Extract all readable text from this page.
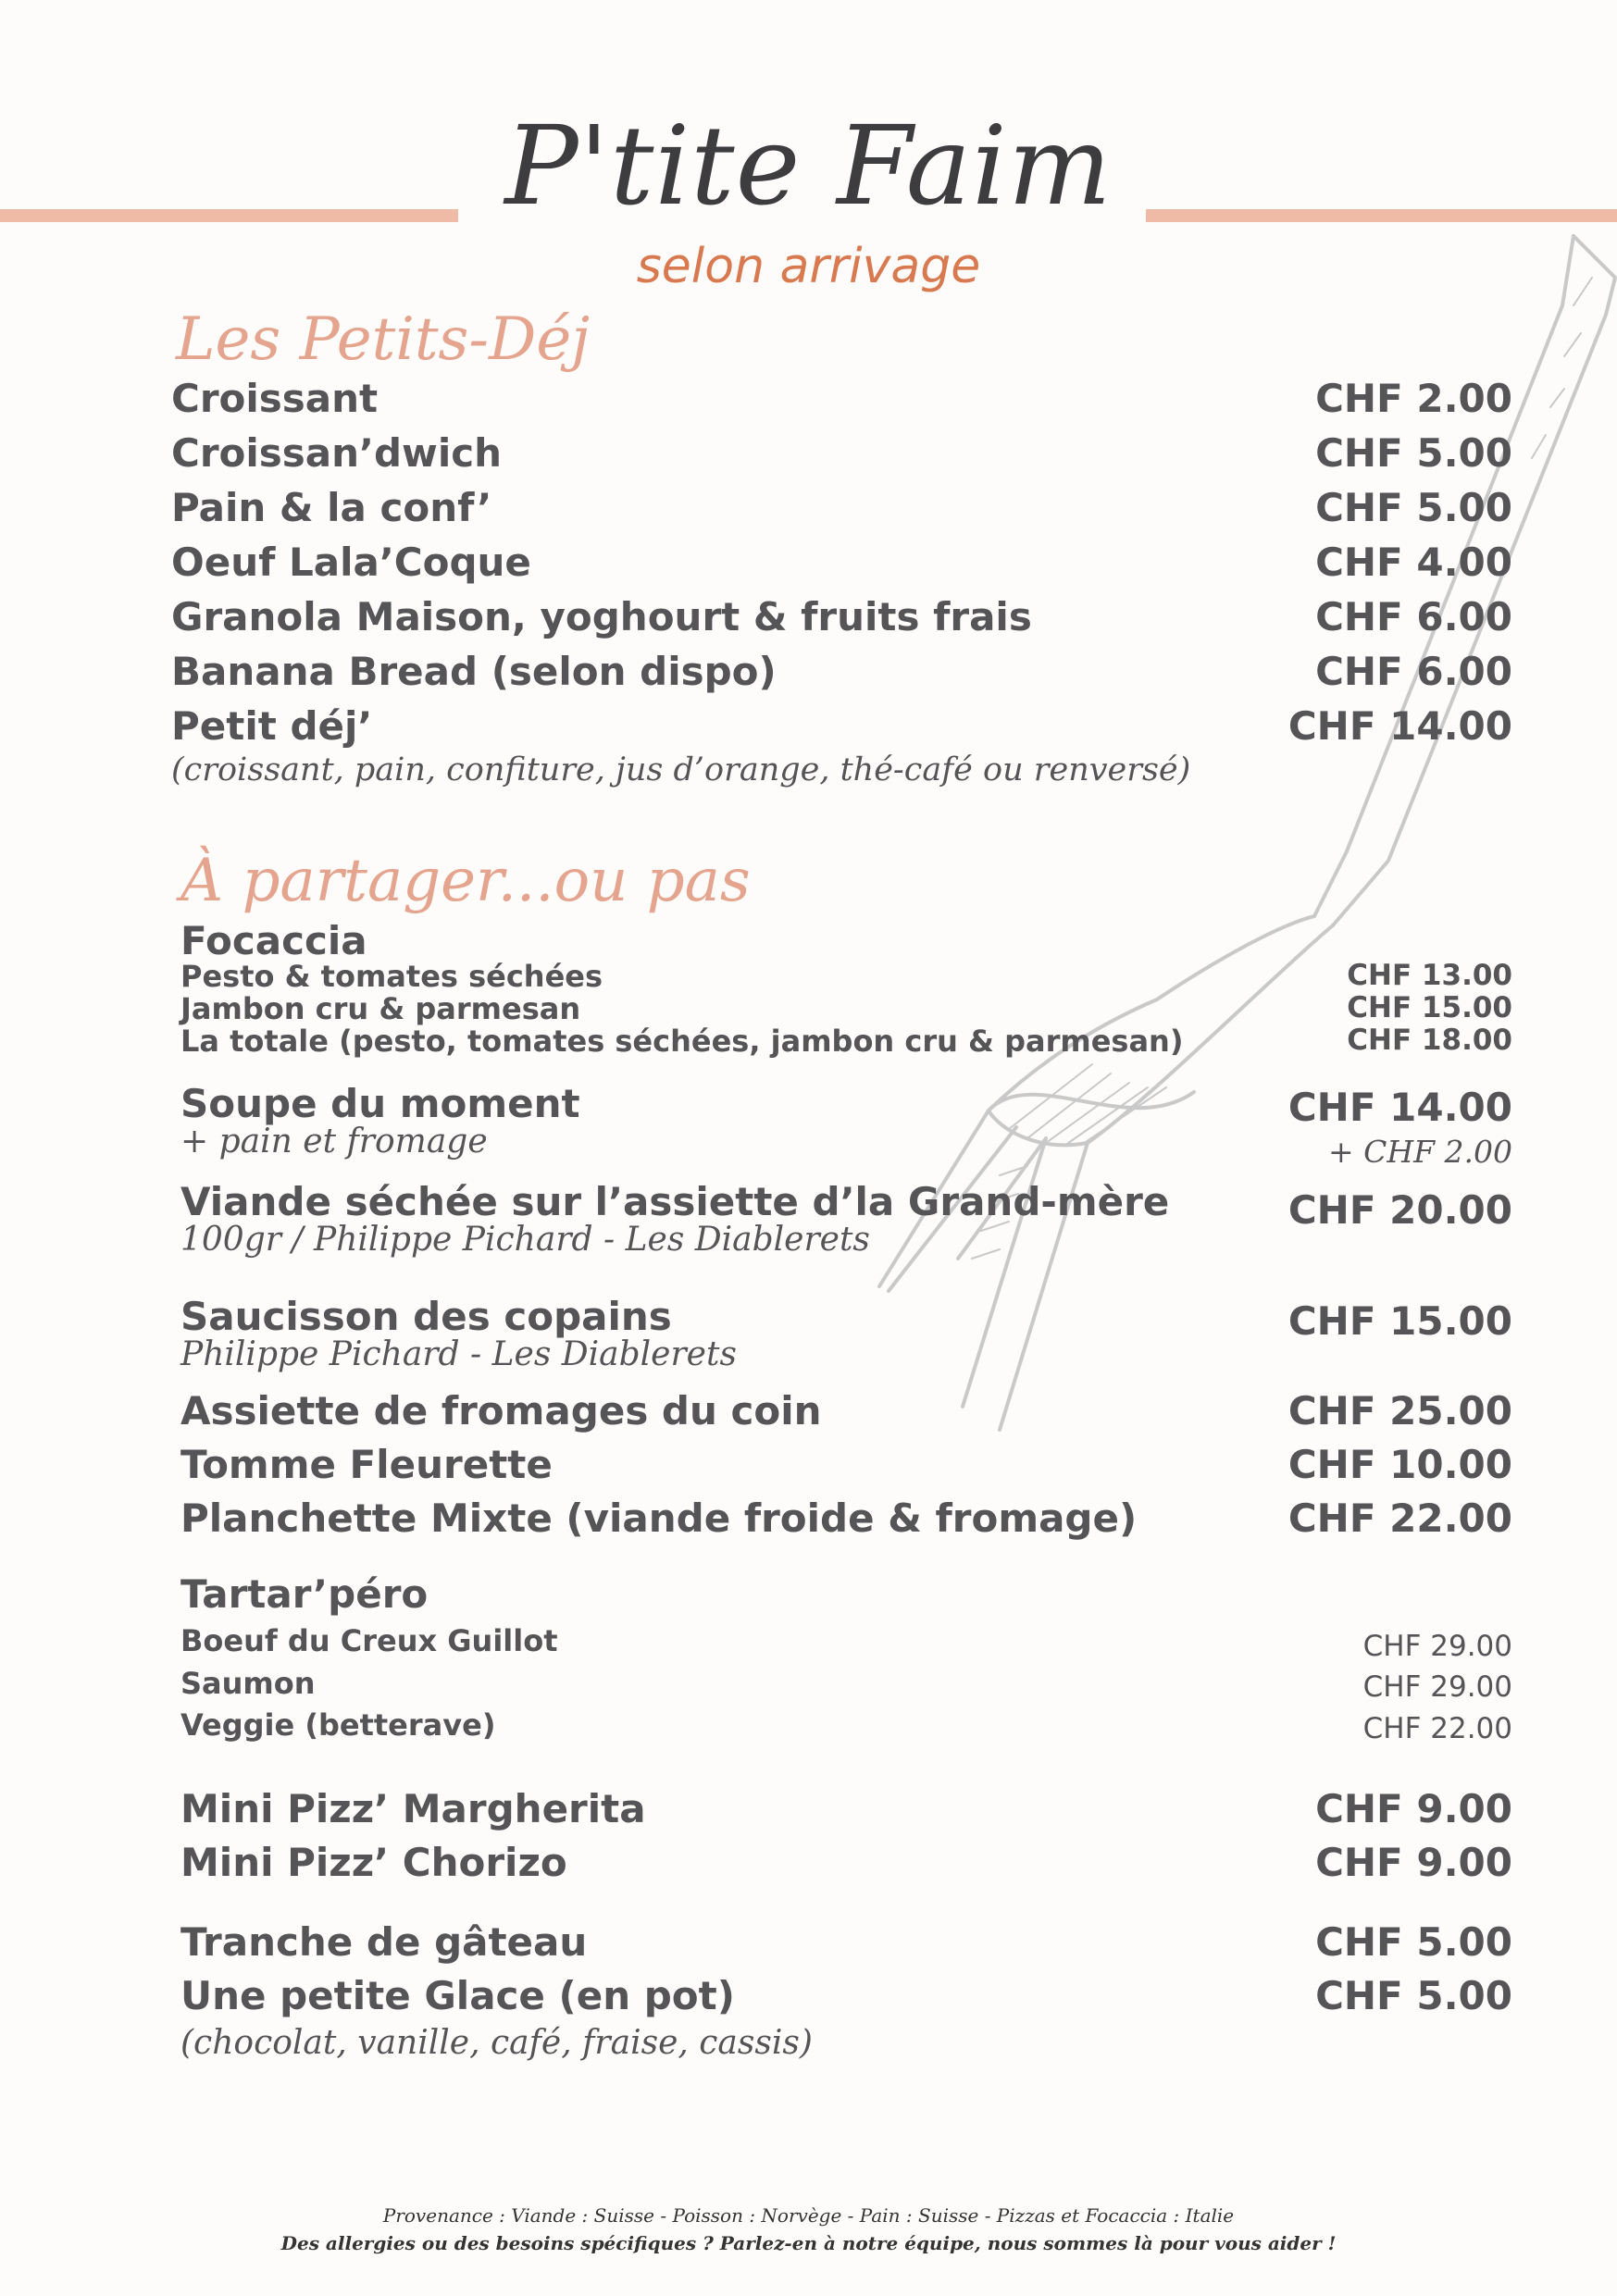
P'tite Faim
selon arrivage
Les Petits-Déj
Croissant	CHF 2.00
Croissan’dwich	CHF 5.00
Pain & la conf’	CHF 5.00
Oeuf Lala’Coque	CHF 4.00
Granola Maison, yoghourt & fruits frais	CHF 6.00
Banana Bread (selon dispo)	CHF 6.00
Petit déj’	CHF 14.00
(croissant, pain, confiture, jus d’orange, thé-café ou renversé)
À partager...ou pas
Focaccia
Pesto & tomates séchées	CHF 13.00
Jambon cru & parmesan	CHF 15.00
La totale (pesto, tomates séchées, jambon cru & parmesan)	CHF 18.00
Soupe du moment	CHF 14.00
+ pain et fromage	+ CHF 2.00
Viande séchée sur l’assiette d’la Grand-mère	CHF 20.00
100gr / Philippe Pichard - Les Diablerets
Saucisson des copains	CHF 15.00
Philippe Pichard - Les Diablerets
Assiette de fromages du coin	CHF 25.00
Tomme Fleurette	CHF 10.00
Planchette Mixte (viande froide & fromage)	CHF 22.00
Tartar’péro
Boeuf du Creux Guillot	CHF 29.00
Saumon	CHF 29.00
Veggie (betterave)	CHF 22.00
Mini Pizz’ Margherita	CHF 9.00
Mini Pizz’ Chorizo	CHF 9.00
Tranche de gâteau	CHF 5.00
Une petite Glace (en pot)	CHF 5.00
(chocolat, vanille, café, fraise, cassis)
Provenance : Viande : Suisse - Poisson : Norvège - Pain : Suisse - Pizzas et Focaccia : Italie
Des allergies ou des besoins spécifiques ? Parlez-en à notre équipe, nous sommes là pour vous aider !
